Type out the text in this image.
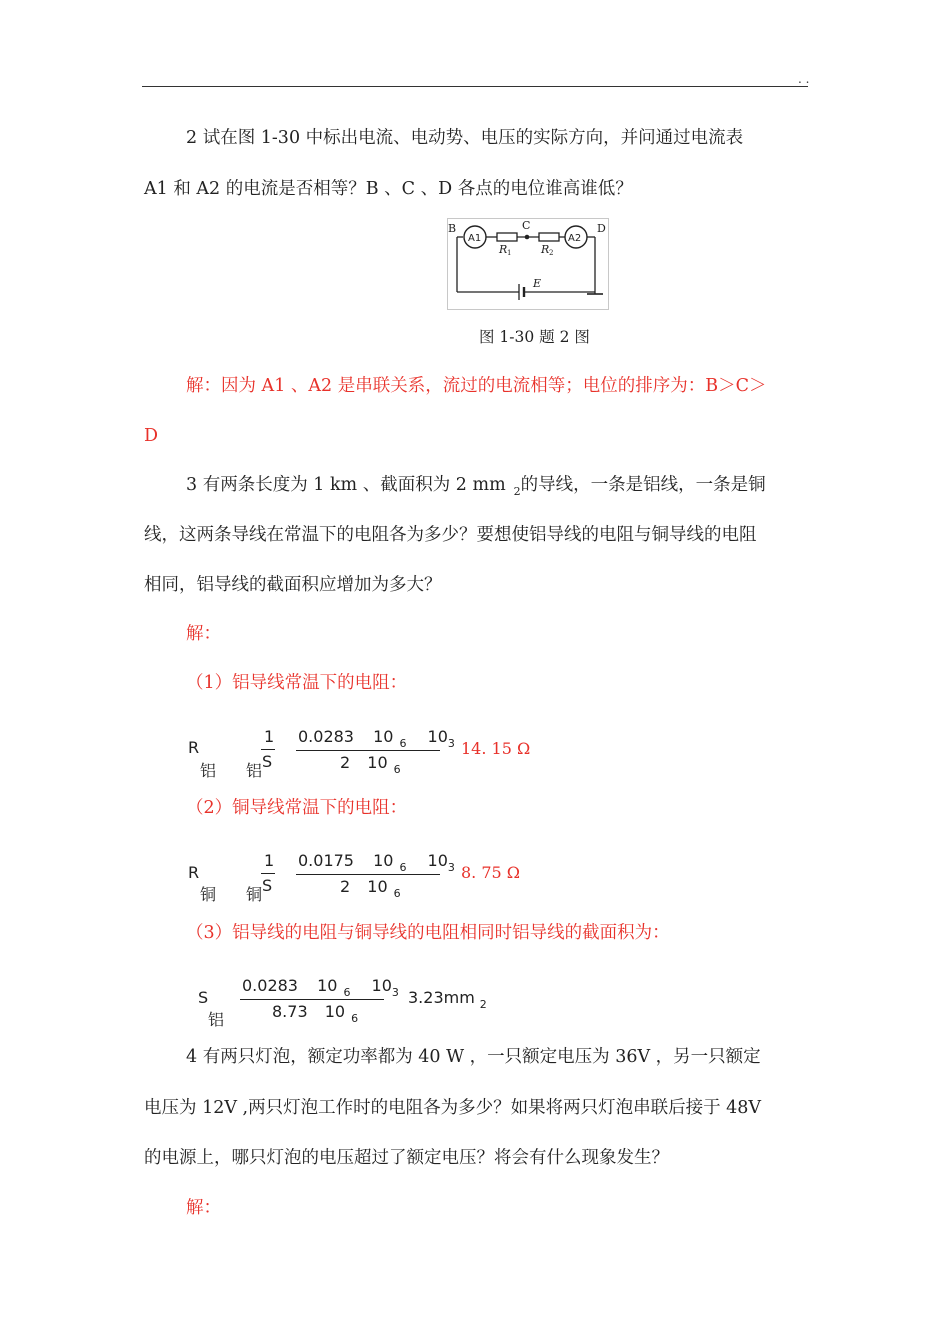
. .
2 试在图 1-30 中标出电流、电动势、电压的实际方向，并问通过电流表
A1 和 A2 的电流是否相等？B 、C 、D 各点的电位谁高谁低？
B	C	D
A1	A2
R 1	R 2
E
图 1-30 题 2 图
解：因为 A1 、A2 是串联关系，流过的电流相等；电位的排序为：B＞C＞
D
3 有两条长度为 1 km 、截面积为 2 mm $_2$的导线，一条是铝线，一条是铜
线，这两条导线在常温下的电阻各为多少？要想使铝导线的电阻与铜导线的电阻
相同，铝导线的截面积应增加为多大？
解：
（1）铝导线常温下的电阻：
R
铝 铝
1
S
0.0283 10 $_6$ $10_3$
2 10 $_6$
14. 15 Ω
（2）铜导线常温下的电阻：
R
铜 铜
1
S
0.0175 10 $_6$ $10_3$
2 10 $_6$
8. 75 Ω
（3）铝导线的电阻与铜导线的电阻相同时铝导线的截面积为：
S
铝
0.0283 10 $_6$ $10_3$
8.73 10 $_6$
3.23mm $_2$
4 有两只灯泡，额定功率都为 40 W ，一只额定电压为 36V ，另一只额定
电压为 12V ,两只灯泡工作时的电阻各为多少？如果将两只灯泡串联后接于 48V
的电源上，哪只灯泡的电压超过了额定电压？将会有什么现象发生？
解：
